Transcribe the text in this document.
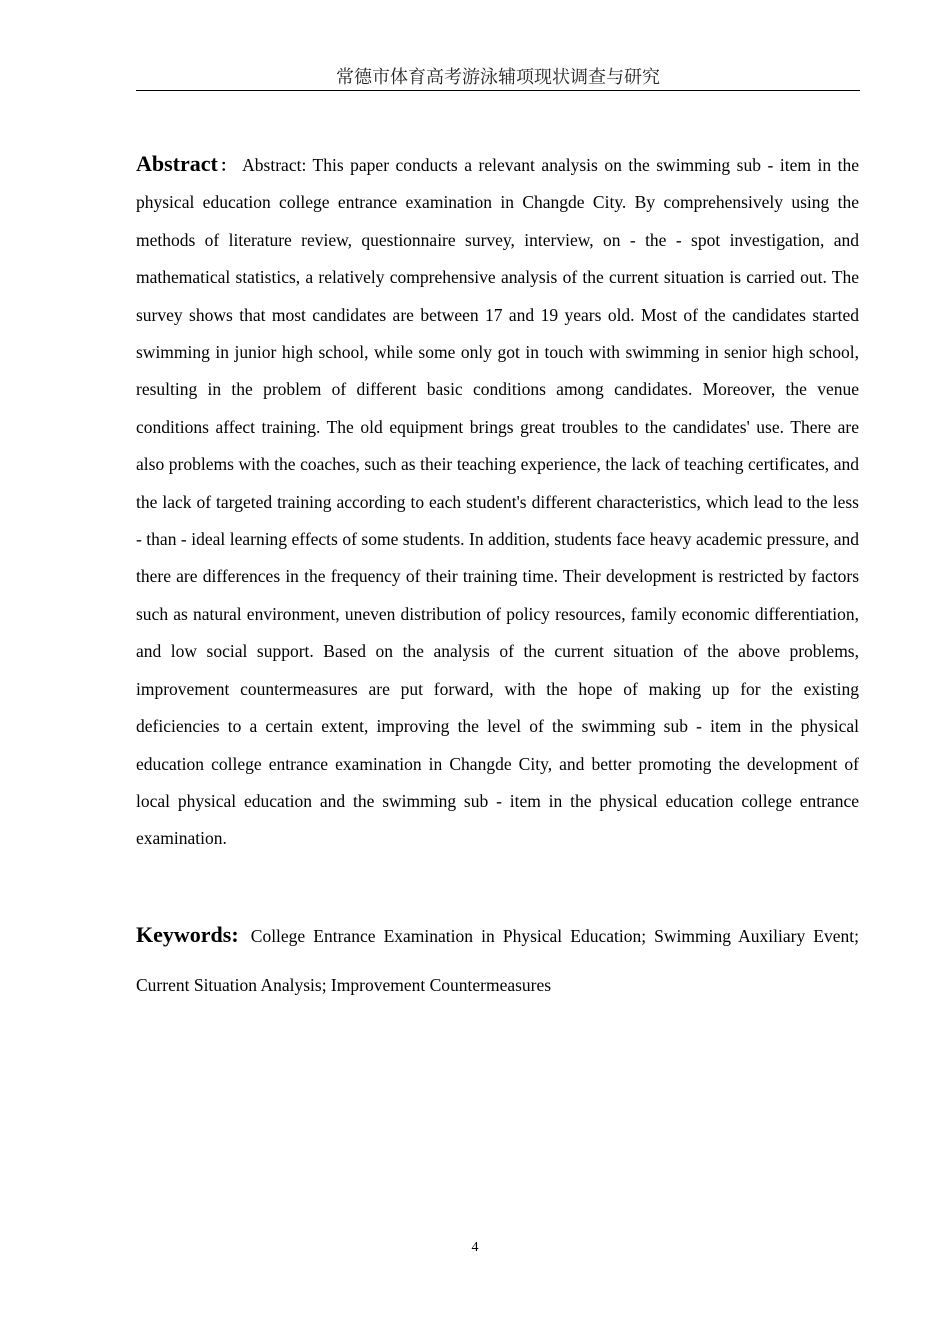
常德市体育高考游泳辅项现状调查与研究

Abstract： Abstract: This paper conducts a relevant analysis on the swimming sub - item in the physical education college entrance examination in Changde City. By comprehensively using the methods of literature review, questionnaire survey, interview, on - the - spot investigation, and mathematical statistics, a relatively comprehensive analysis of the current situation is carried out. The survey shows that most candidates are between 17 and 19 years old. Most of the candidates started swimming in junior high school, while some only got in touch with swimming in senior high school, resulting in the problem of different basic conditions among candidates. Moreover, the venue conditions affect training. The old equipment brings great troubles to the candidates' use. There are also problems with the coaches, such as their teaching experience, the lack of teaching certificates, and the lack of targeted training according to each student's different characteristics, which lead to the less - than - ideal learning effects of some students. In addition, students face heavy academic pressure, and there are differences in the frequency of their training time. Their development is restricted by factors such as natural environment, uneven distribution of policy resources, family economic differentiation, and low social support. Based on the analysis of the current situation of the above problems, improvement countermeasures are put forward, with the hope of making up for the existing deficiencies to a certain extent, improving the level of the swimming sub - item in the physical education college entrance examination in Changde City, and better promoting the development of local physical education and the swimming sub - item in the physical education college entrance examination.

Keywords: College Entrance Examination in Physical Education; Swimming Auxiliary Event; Current Situation Analysis; Improvement Countermeasures

4
